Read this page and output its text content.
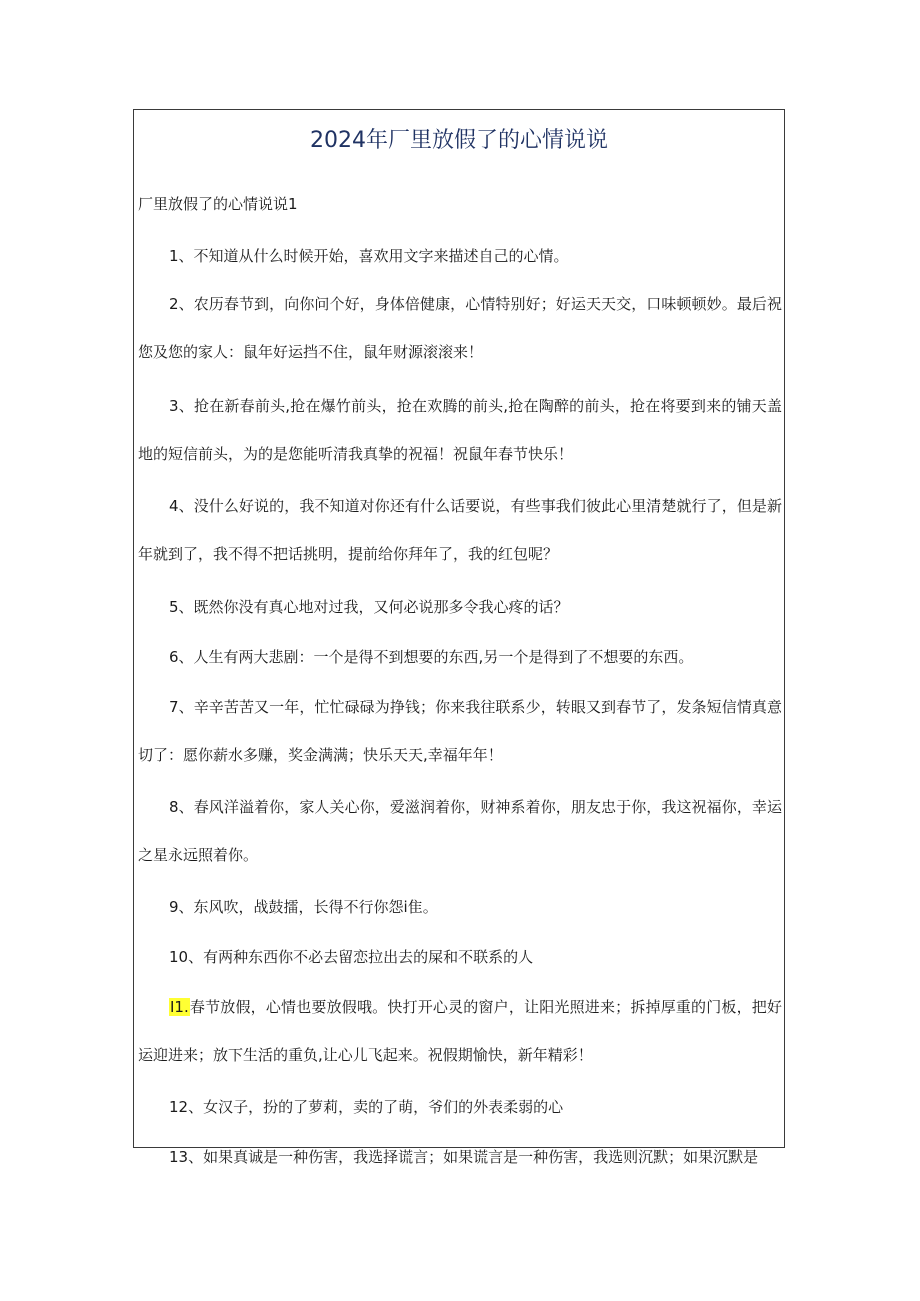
2024年厂里放假了的心情说说
厂里放假了的心情说说1

1、不知道从什么时候开始，喜欢用文字来描述自己的心情。

2、农历春节到，向你问个好，身体倍健康，心情特别好；好运天天交，口味顿顿妙。最后祝您及您的家人：鼠年好运挡不住，鼠年财源滚滚来！

3、抢在新春前头,抢在爆竹前头，抢在欢腾的前头,抢在陶醉的前头，抢在将要到来的铺天盖地的短信前头，为的是您能听清我真挚的祝福！祝鼠年春节快乐！

4、没什么好说的，我不知道对你还有什么话要说，有些事我们彼此心里清楚就行了，但是新年就到了，我不得不把话挑明，提前给你拜年了，我的红包呢？

5、既然你没有真心地对过我，又何必说那多令我心疼的话？

6、人生有两大悲剧：一个是得不到想要的东西,另一个是得到了不想要的东西。

7、辛辛苦苦又一年，忙忙碌碌为挣钱；你来我往联系少，转眼又到春节了，发条短信情真意切了：愿你薪水多赚，奖金满满；快乐天天,幸福年年！

8、春风洋溢着你，家人关心你，爱滋润着你，财神系着你，朋友忠于你，我这祝福你，幸运之星永远照着你。

9、东风吹，战鼓擂，长得不行你怨i隹。

10、有两种东西你不必去留恋拉出去的屎和不联系的人

I1.春节放假，心情也要放假哦。快打开心灵的窗户，让阳光照进来；拆掉厚重的门板，把好运迎进来；放下生活的重负,让心儿飞起来。祝假期愉快，新年精彩！

12、女汉子，扮的了萝莉，卖的了萌，爷们的外表柔弱的心

13、如果真诚是一种伤害，我选择谎言；如果谎言是一种伤害，我选则沉默；如果沉默是
